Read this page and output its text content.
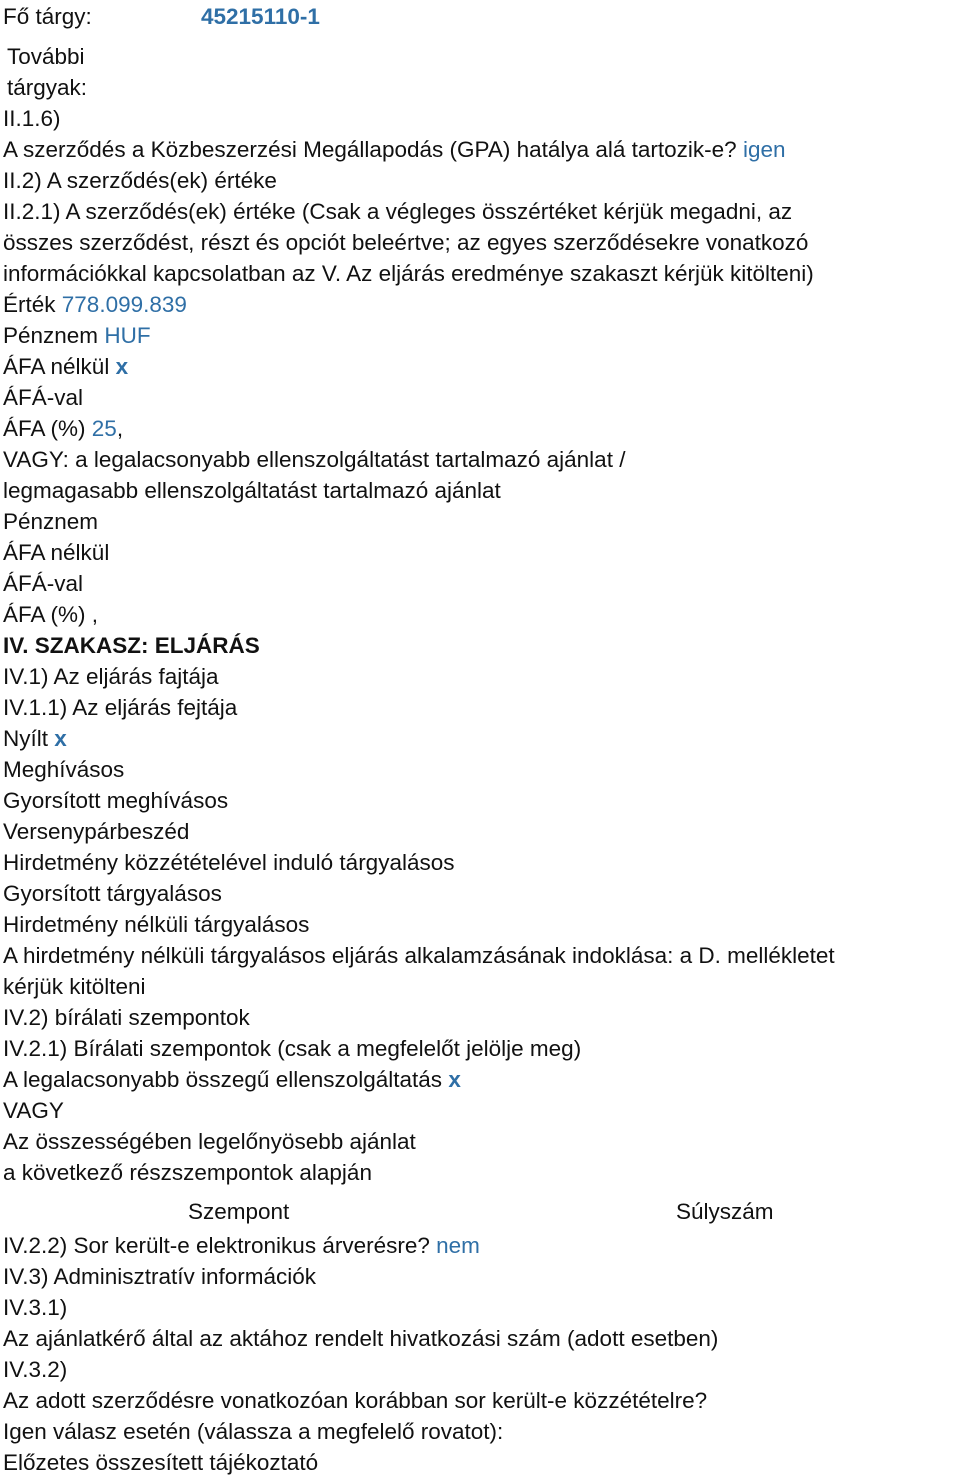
Fő tárgy:	45215110-1
További
tárgyak:
II.1.6)
A szerződés a Közbeszerzési Megállapodás (GPA) hatálya alá tartozik-e? igen
II.2) A szerződés(ek) értéke
II.2.1) A szerződés(ek) értéke (Csak a végleges összértéket kérjük megadni, az
összes szerződést, részt és opciót beleértve; az egyes szerződésekre vonatkozó
információkkal kapcsolatban az V. Az eljárás eredménye szakaszt kérjük kitölteni)
Érték 778.099.839
Pénznem HUF
ÁFA nélkül x
ÁFÁ-val
ÁFA (%) 25,
VAGY: a legalacsonyabb ellenszolgáltatást tartalmazó ajánlat /
legmagasabb ellenszolgáltatást tartalmazó ajánlat
Pénznem
ÁFA nélkül
ÁFÁ-val
ÁFA (%) ,
IV. SZAKASZ: ELJÁRÁS
IV.1) Az eljárás fajtája
IV.1.1) Az eljárás fejtája
Nyílt x
Meghívásos
Gyorsított meghívásos
Versenypárbeszéd
Hirdetmény közzétételével induló tárgyalásos
Gyorsított tárgyalásos
Hirdetmény nélküli tárgyalásos
A hirdetmény nélküli tárgyalásos eljárás alkalamzásának indoklása: a D. mellékletet
kérjük kitölteni
IV.2) bírálati szempontok
IV.2.1) Bírálati szempontok (csak a megfelelőt jelölje meg)
A legalacsonyabb összegű ellenszolgáltatás x
VAGY
Az összességében legelőnyösebb ajánlat
a következő részszempontok alapján
Szempont	Súlyszám
IV.2.2) Sor került-e elektronikus árverésre? nem
IV.3) Adminisztratív információk
IV.3.1)
Az ajánlatkérő által az aktához rendelt hivatkozási szám (adott esetben)
IV.3.2)
Az adott szerződésre vonatkozóan korábban sor került-e közzétételre?
Igen válasz esetén (válassza a megfelelő rovatot):
Előzetes összesített tájékoztató
